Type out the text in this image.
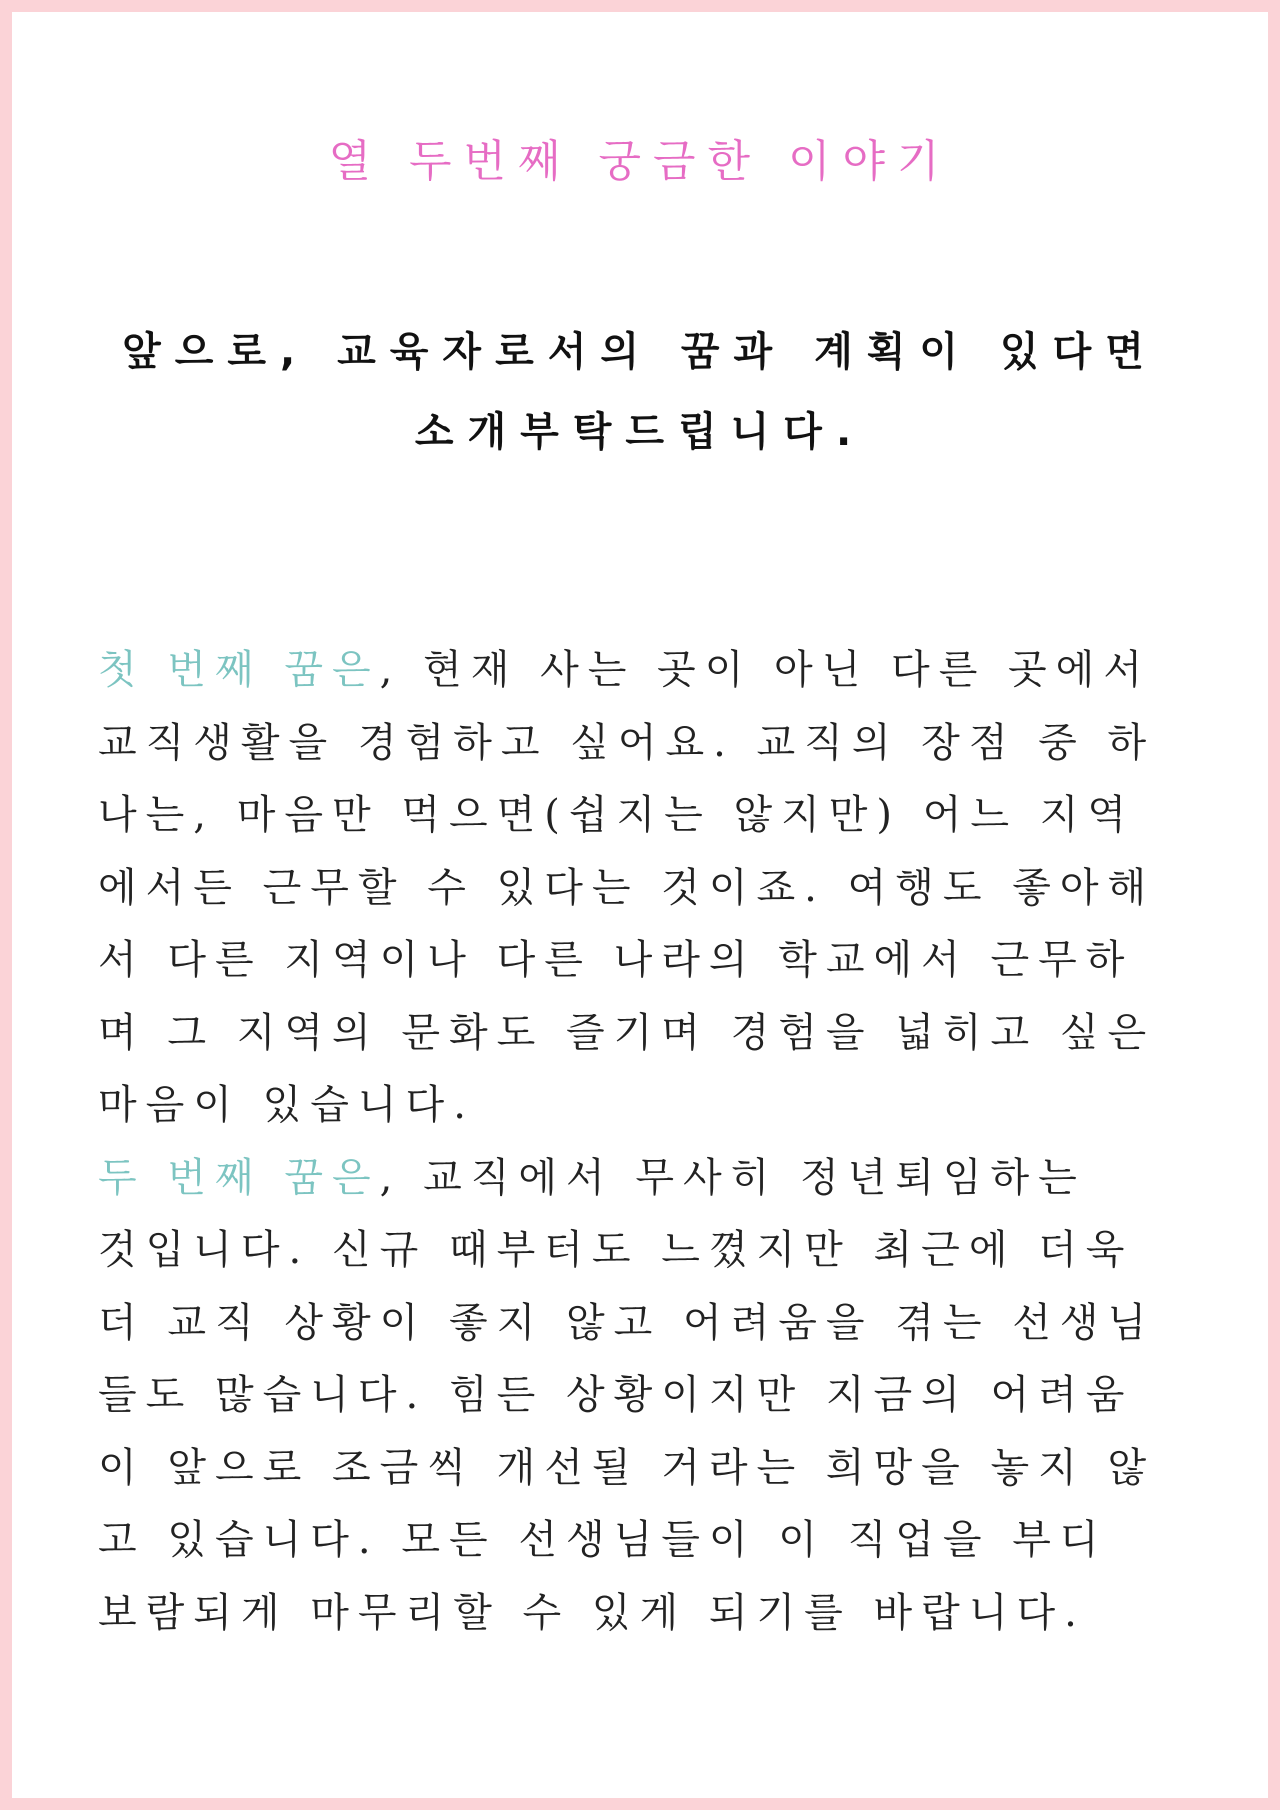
열 두번째 궁금한 이야기
앞으로, 교육자로서의 꿈과 계획이 있다면
소개부탁드립니다.
첫 번째 꿈은, 현재 사는 곳이 아닌 다른 곳에서
교직생활을 경험하고 싶어요. 교직의 장점 중 하
나는, 마음만 먹으면(쉽지는 않지만) 어느 지역
에서든 근무할 수 있다는 것이죠. 여행도 좋아해
서 다른 지역이나 다른 나라의 학교에서 근무하
며 그 지역의 문화도 즐기며 경험을 넓히고 싶은
마음이 있습니다.
두 번째 꿈은, 교직에서 무사히 정년퇴임하는
것입니다. 신규 때부터도 느꼈지만 최근에 더욱
더 교직 상황이 좋지 않고 어려움을 겪는 선생님
들도 많습니다. 힘든 상황이지만 지금의 어려움
이 앞으로 조금씩 개선될 거라는 희망을 놓지 않
고 있습니다. 모든 선생님들이 이 직업을 부디
보람되게 마무리할 수 있게 되기를 바랍니다.
